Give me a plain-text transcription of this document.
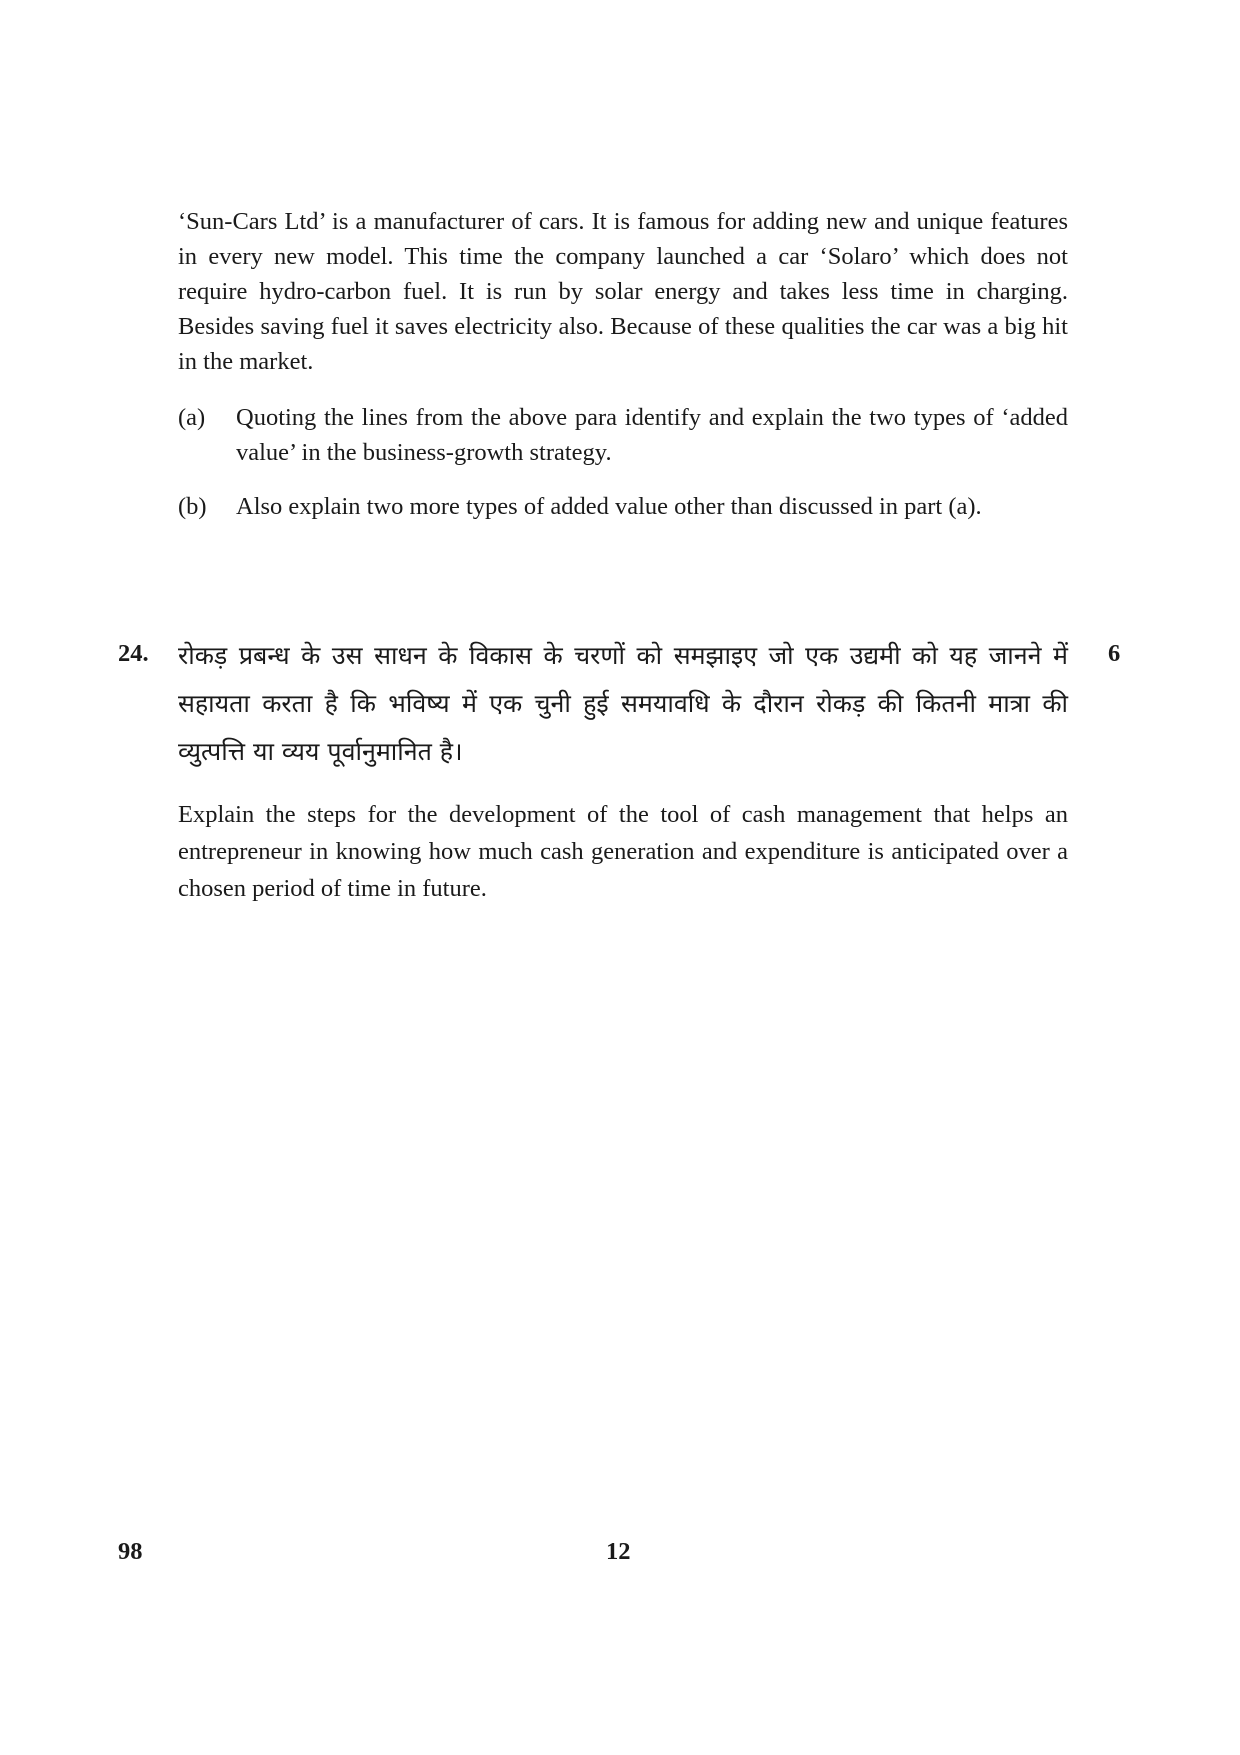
‘Sun-Cars Ltd’ is a manufacturer of cars. It is famous for adding new and unique features in every new model. This time the company launched a car ‘Solaro’ which does not require hydro-carbon fuel. It is run by solar energy and takes less time in charging. Besides saving fuel it saves electricity also. Because of these qualities the car was a big hit in the market.
(a) Quoting the lines from the above para identify and explain the two types of ‘added value’ in the business-growth strategy.
(b) Also explain two more types of added value other than discussed in part (a).
24.	6
रोकड़ प्रबन्ध के उस साधन के विकास के चरणों को समझाइए जो एक उद्यमी को यह जानने में सहायता करता है कि भविष्य में एक चुनी हुई समयावधि के दौरान रोकड़ की कितनी मात्रा की व्युत्पत्ति या व्यय पूर्वानुमानित है।
Explain the steps for the development of the tool of cash management that helps an entrepreneur in knowing how much cash generation and expenditure is anticipated over a chosen period of time in future.
98	12
